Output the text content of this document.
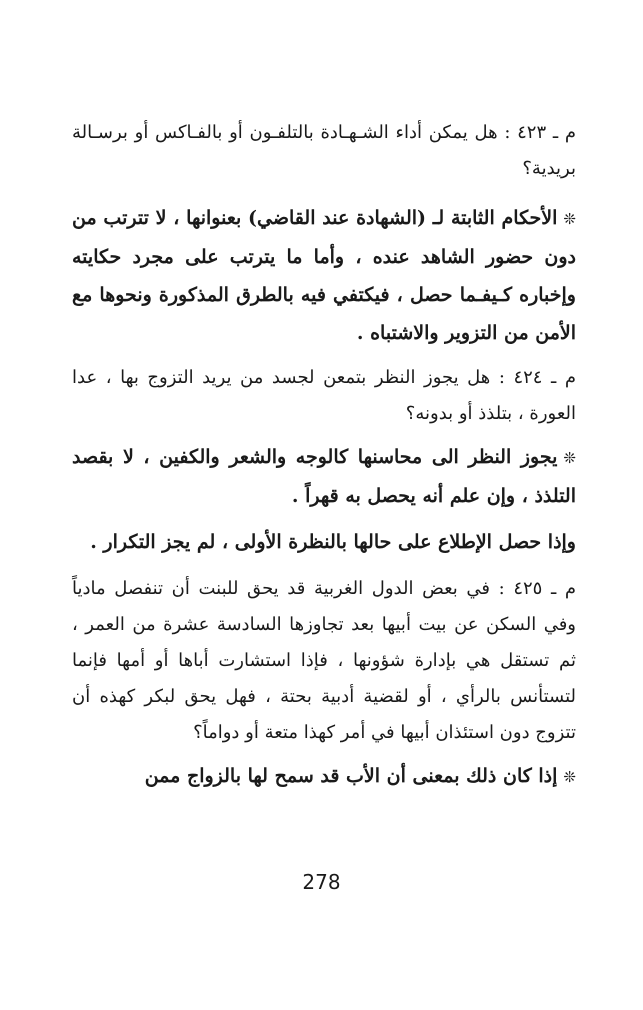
م ـ ٤٢٣ : هل يمكن أداء الشـهـادة بالتلفـون أو بالفـاكس أو برسـالة بريدية؟

❊الأحكام الثابتة لـ (الشهادة عند القاضي) بعنوانها ، لا تترتب من دون حضور الشاهد عنده ، وأما ما يترتب على مجرد حكايته وإخباره كـيفـما حصل ، فيكتفي فيه بالطرق المذكورة ونحوها مع الأمن من التزوير والاشتباه .

م ـ ٤٢٤ : هل يجوز النظر بتمعن لجسد من يريد التزوج بها ، عدا العورة ، بتلذذ أو بدونه؟

❊يجوز النظر الى محاسنها كالوجه والشعر والكفين ، لا بقصد التلذذ ، وإن علم أنه يحصل به قهراً .

وإذا حصل الإطلاع على حالها بالنظرة الأولى ، لم يجز التكرار .

م ـ ٤٢٥ : في بعض الدول الغربية قد يحق للبنت أن تنفصل مادياً وفي السكن عن بيت أبيها بعد تجاوزها السادسة عشرة من العمر ، ثم تستقل هي بإدارة شؤونها ، فإذا استشارت أباها أو أمها فإنما لتستأنس بالرأي ، أو لقضية أدبية بحتة ، فهل يحق لبكر كهذه أن تتزوج دون استئذان أبيها في أمر كهذا متعة أو دواماً؟

❊إذا كان ذلك بمعنى أن الأب قد سمح لها بالزواج ممن

278
